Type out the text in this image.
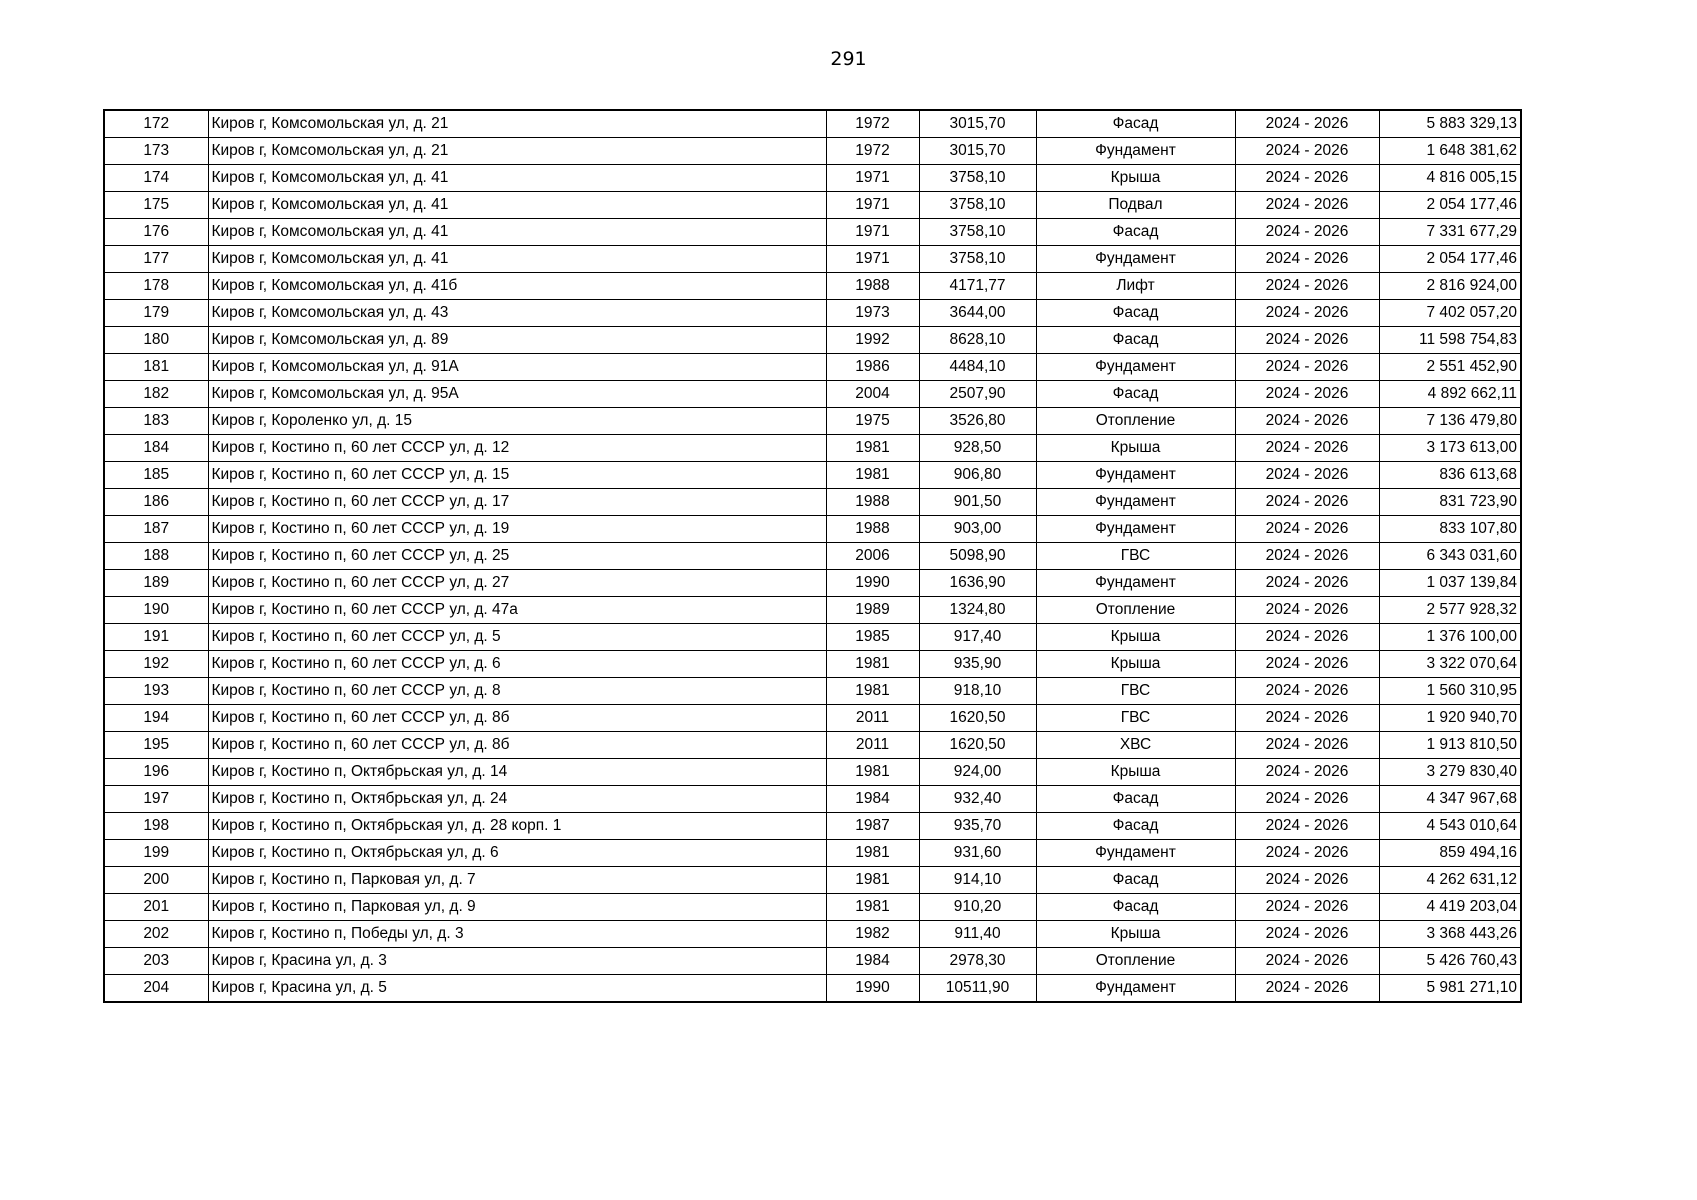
291
172	Киров г, Комсомольская ул, д. 21	1972	3015,70	Фасад	2024 - 2026	5 883 329,13
173	Киров г, Комсомольская ул, д. 21	1972	3015,70	Фундамент	2024 - 2026	1 648 381,62
174	Киров г, Комсомольская ул, д. 41	1971	3758,10	Крыша	2024 - 2026	4 816 005,15
175	Киров г, Комсомольская ул, д. 41	1971	3758,10	Подвал	2024 - 2026	2 054 177,46
176	Киров г, Комсомольская ул, д. 41	1971	3758,10	Фасад	2024 - 2026	7 331 677,29
177	Киров г, Комсомольская ул, д. 41	1971	3758,10	Фундамент	2024 - 2026	2 054 177,46
178	Киров г, Комсомольская ул, д. 41б	1988	4171,77	Лифт	2024 - 2026	2 816 924,00
179	Киров г, Комсомольская ул, д. 43	1973	3644,00	Фасад	2024 - 2026	7 402 057,20
180	Киров г, Комсомольская ул, д. 89	1992	8628,10	Фасад	2024 - 2026	11 598 754,83
181	Киров г, Комсомольская ул, д. 91А	1986	4484,10	Фундамент	2024 - 2026	2 551 452,90
182	Киров г, Комсомольская ул, д. 95А	2004	2507,90	Фасад	2024 - 2026	4 892 662,11
183	Киров г, Короленко ул, д. 15	1975	3526,80	Отопление	2024 - 2026	7 136 479,80
184	Киров г, Костино п, 60 лет СССР ул, д. 12	1981	928,50	Крыша	2024 - 2026	3 173 613,00
185	Киров г, Костино п, 60 лет СССР ул, д. 15	1981	906,80	Фундамент	2024 - 2026	836 613,68
186	Киров г, Костино п, 60 лет СССР ул, д. 17	1988	901,50	Фундамент	2024 - 2026	831 723,90
187	Киров г, Костино п, 60 лет СССР ул, д. 19	1988	903,00	Фундамент	2024 - 2026	833 107,80
188	Киров г, Костино п, 60 лет СССР ул, д. 25	2006	5098,90	ГВС	2024 - 2026	6 343 031,60
189	Киров г, Костино п, 60 лет СССР ул, д. 27	1990	1636,90	Фундамент	2024 - 2026	1 037 139,84
190	Киров г, Костино п, 60 лет СССР ул, д. 47а	1989	1324,80	Отопление	2024 - 2026	2 577 928,32
191	Киров г, Костино п, 60 лет СССР ул, д. 5	1985	917,40	Крыша	2024 - 2026	1 376 100,00
192	Киров г, Костино п, 60 лет СССР ул, д. 6	1981	935,90	Крыша	2024 - 2026	3 322 070,64
193	Киров г, Костино п, 60 лет СССР ул, д. 8	1981	918,10	ГВС	2024 - 2026	1 560 310,95
194	Киров г, Костино п, 60 лет СССР ул, д. 8б	2011	1620,50	ГВС	2024 - 2026	1 920 940,70
195	Киров г, Костино п, 60 лет СССР ул, д. 8б	2011	1620,50	ХВС	2024 - 2026	1 913 810,50
196	Киров г, Костино п, Октябрьская ул, д. 14	1981	924,00	Крыша	2024 - 2026	3 279 830,40
197	Киров г, Костино п, Октябрьская ул, д. 24	1984	932,40	Фасад	2024 - 2026	4 347 967,68
198	Киров г, Костино п, Октябрьская ул, д. 28 корп. 1	1987	935,70	Фасад	2024 - 2026	4 543 010,64
199	Киров г, Костино п, Октябрьская ул, д. 6	1981	931,60	Фундамент	2024 - 2026	859 494,16
200	Киров г, Костино п, Парковая ул, д. 7	1981	914,10	Фасад	2024 - 2026	4 262 631,12
201	Киров г, Костино п, Парковая ул, д. 9	1981	910,20	Фасад	2024 - 2026	4 419 203,04
202	Киров г, Костино п, Победы ул, д. 3	1982	911,40	Крыша	2024 - 2026	3 368 443,26
203	Киров г, Красина ул, д. 3	1984	2978,30	Отопление	2024 - 2026	5 426 760,43
204	Киров г, Красина ул, д. 5	1990	10511,90	Фундамент	2024 - 2026	5 981 271,10
